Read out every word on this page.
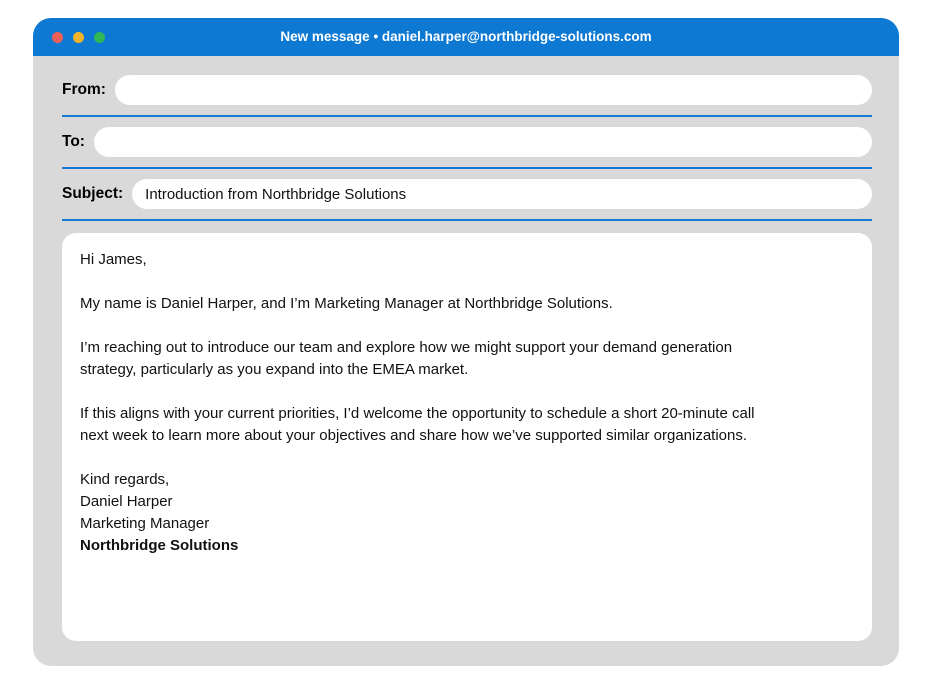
New message • daniel.harper@northbridge-solutions.com
From:
To:
Subject:
Introduction from Northbridge Solutions

Hi James,

My name is Daniel Harper, and I’m Marketing Manager at Northbridge Solutions.

I’m reaching out to introduce our team and explore how we might support your demand generation
strategy, particularly as you expand into the EMEA market.

If this aligns with your current priorities, I’d welcome the opportunity to schedule a short 20-minute call
next week to learn more about your objectives and share how we’ve supported similar organizations.

Kind regards,
Daniel Harper
Marketing Manager
Northbridge Solutions
